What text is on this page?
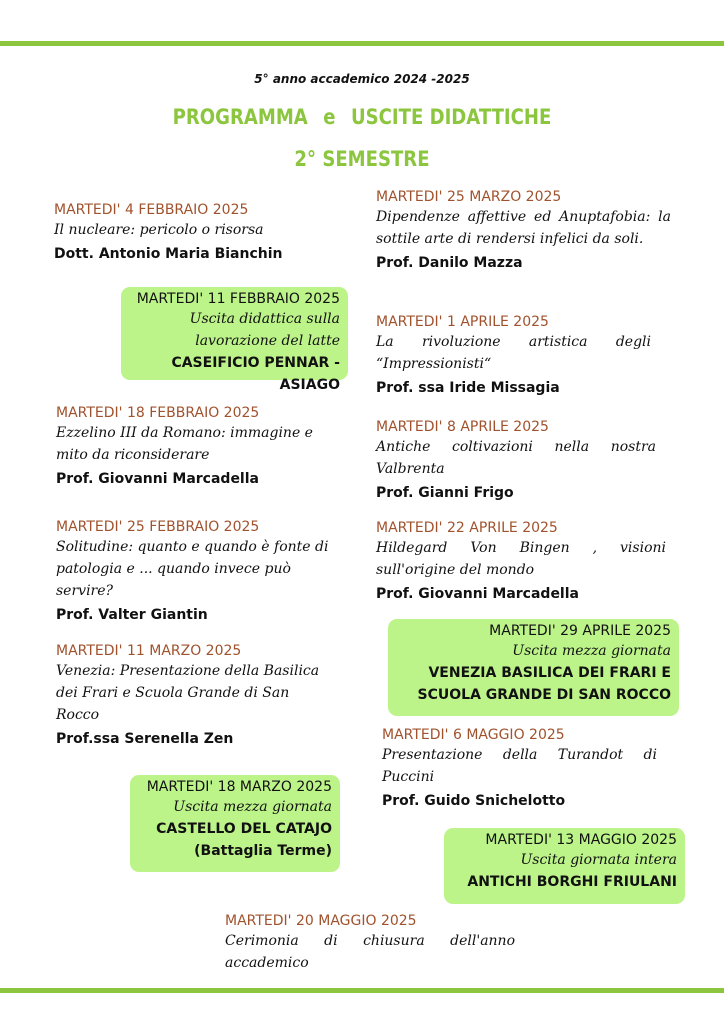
5° anno accademico 2024 -2025
PROGRAMMA e USCITE DIDATTICHE
2° SEMESTRE
MARTEDI' 4 FEBBRAIO 2025
Il nucleare: pericolo o risorsa
Dott. Antonio Maria Bianchin
MARTEDI' 11 FEBBRAIO 2025
Uscita didattica sulla
lavorazione del latte
CASEIFICIO PENNAR - ASIAGO
MARTEDI' 18 FEBBRAIO 2025
Ezzelino III da Romano: immagine e mito da riconsiderare
Prof. Giovanni Marcadella
MARTEDI' 25 FEBBRAIO 2025
Solitudine: quanto e quando è fonte di patologia e ... quando invece può servire?
Prof. Valter Giantin
MARTEDI' 11 MARZO 2025
Venezia: Presentazione della Basilica dei Frari e Scuola Grande di San Rocco
Prof.ssa Serenella Zen
MARTEDI' 18 MARZO 2025
Uscita mezza giornata
CASTELLO DEL CATAJO
(Battaglia Terme)
MARTEDI' 25 MARZO 2025
Dipendenze affettive ed Anuptafobia: la sottile arte di rendersi infelici da soli.
Prof. Danilo Mazza
MARTEDI' 1 APRILE 2025
La rivoluzione artistica degli “Impressionisti“
Prof. ssa Iride Missagia
MARTEDI' 8 APRILE 2025
Antiche coltivazioni nella nostra Valbrenta
Prof. Gianni Frigo
MARTEDI' 22 APRILE 2025
Hildegard Von Bingen , visioni sull'origine del mondo
Prof. Giovanni Marcadella
MARTEDI' 29 APRILE 2025
Uscita mezza giornata
VENEZIA BASILICA DEI FRARI E
SCUOLA GRANDE DI SAN ROCCO
MARTEDI' 6 MAGGIO 2025
Presentazione della Turandot di Puccini
Prof. Guido Snichelotto
MARTEDI' 13 MAGGIO 2025
Uscita giornata intera
ANTICHI BORGHI FRIULANI
MARTEDI' 20 MAGGIO 2025
Cerimonia di chiusura dell'anno accademico
